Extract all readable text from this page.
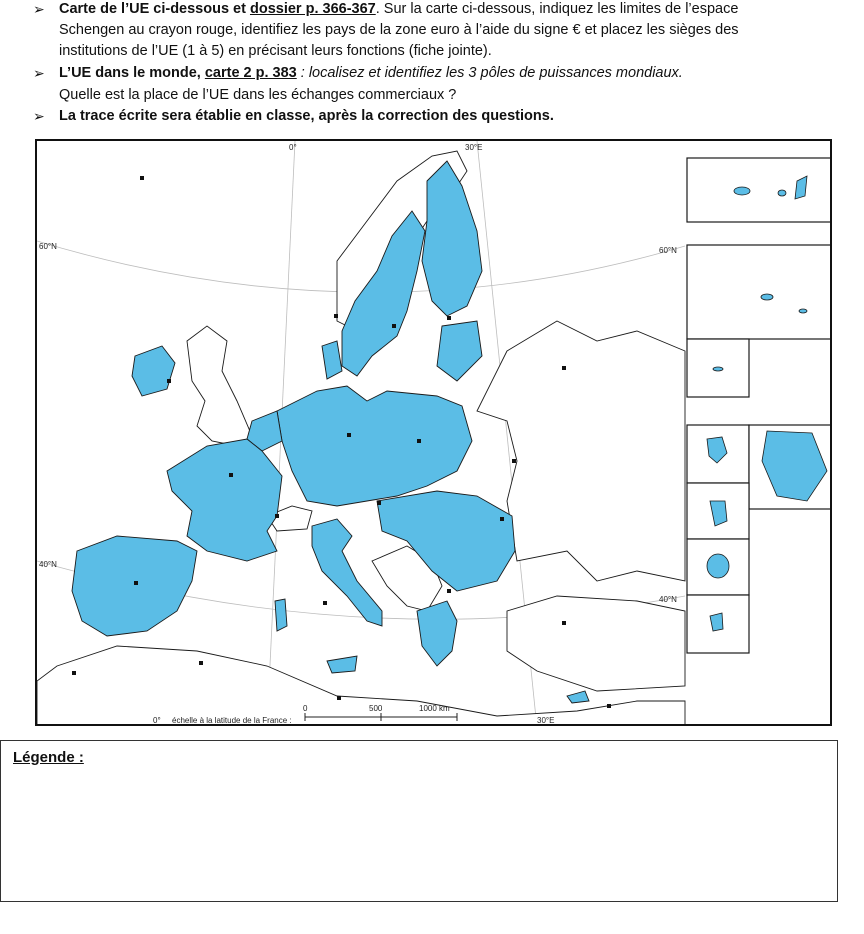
➢ Carte de l’UE ci-dessous et dossier p. 366-367. Sur la carte ci-dessous, indiquez les limites de l’espace
Schengen au crayon rouge, identifiez les pays de la zone euro à l’aide du signe € et placez les sièges des
institutions de l’UE (1 à 5) en précisant leurs fonctions (fiche jointe).
➢ L’UE dans le monde, carte 2 p. 383 : localisez et identifiez les 3 pôles de puissances mondiaux.
Quelle est la place de l’UE dans les échanges commerciaux ?
➢ La trace écrite sera établie en classe, après la correction des questions.
0°	30°E
60°N	60°N
40°N
40°N
0°	30°E
échelle à la latitude de la France :
0	500	1000 km
Légende :
